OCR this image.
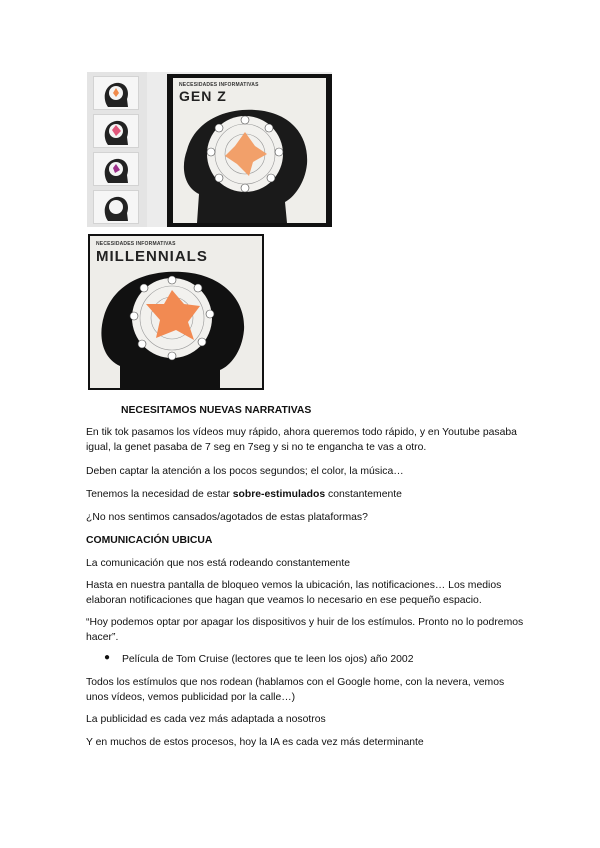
NECESIDADES INFORMATIVAS
GEN Z
NECESIDADES INFORMATIVAS
MILLENNIALS
NECESITAMOS NUEVAS NARRATIVAS
En tik tok pasamos los vídeos muy rápido, ahora queremos todo rápido, y en Youtube pasaba igual, la genet pasaba de 7 seg en 7seg y si no te engancha te vas a otro.
Deben captar la atención a los pocos segundos; el color, la música…
Tenemos la necesidad de estar sobre-estimulados constantemente
¿No nos sentimos cansados/agotados de estas plataformas?
COMUNICACIÓN UBICUA
La comunicación que nos está rodeando constantemente
Hasta en nuestra pantalla de bloqueo vemos la ubicación, las notificaciones… Los medios elaboran notificaciones que hagan que veamos lo necesario en ese pequeño espacio.
“Hoy podemos optar por apagar los dispositivos y huir de los estímulos. Pronto no lo podremos hacer”.
● Película de Tom Cruise (lectores que te leen los ojos) año 2002
Todos los estímulos que nos rodean (hablamos con el Google home, con la nevera, vemos unos vídeos, vemos publicidad por la calle…)
La publicidad es cada vez más adaptada a nosotros
Y en muchos de estos procesos, hoy la IA es cada vez más determinante
